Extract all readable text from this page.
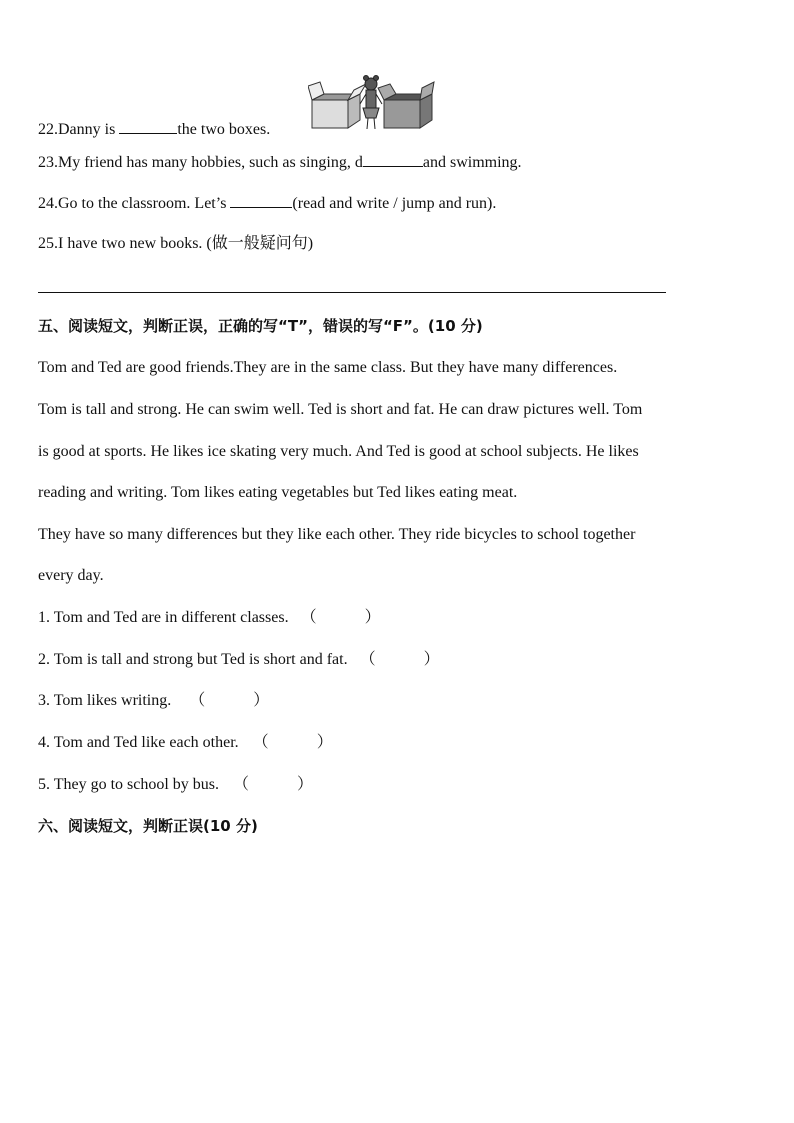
22.Danny is	the two boxes.
23.My friend has many hobbies, such as singing, d	and swimming.
24.Go to the classroom. Let’s	(read and write / jump and run).
25.I have two new books. (做一般疑问句)
五、阅读短文，判断正误，正确的写“T”，错误的写“F”。(10 分)
Tom and Ted are good friends.They are in the same class. But they have many differences.
Tom is tall and strong. He can swim well. Ted is short and fat. He can draw pictures well. Tom
is good at sports. He likes ice skating very much. And Ted is good at school subjects. He likes
reading and writing. Tom likes eating vegetables but Ted likes eating meat.
They have so many differences but they like each other. They ride bicycles to school together
every day.
1. Tom and Ted are in different classes. （	）
2. Tom is tall and strong but Ted is short and fat. （	）
3. Tom likes writing. （	）
4. Tom and Ted like each other. （	）
5. They go to school by bus. （	）
六、阅读短文，判断正误(10 分)
